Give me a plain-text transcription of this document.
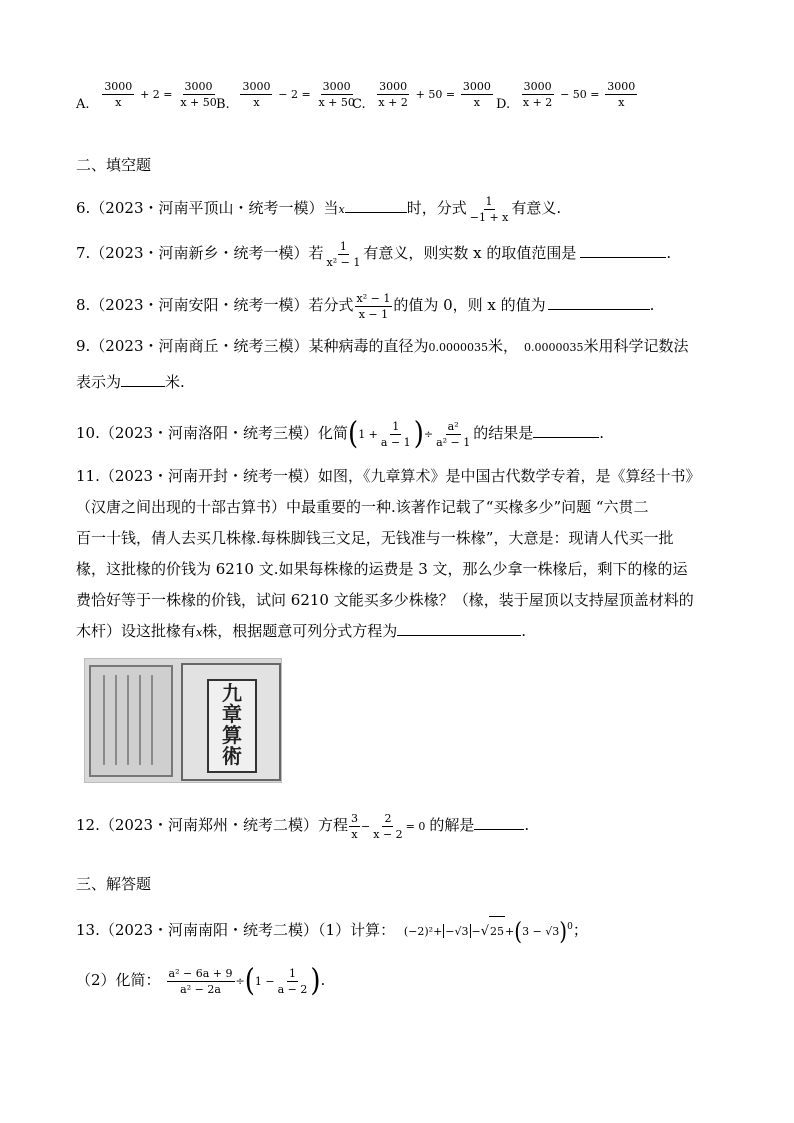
A. $\frac{3000}{x} + 2 = \frac{3000}{x + 50}$
B. $\frac{3000}{x} - 2 = \frac{3000}{x + 50}$
C. $\frac{3000}{x + 2} + 50 = \frac{3000}{x} D$. $\frac{3000}{x + 2} - 50 = \frac{3000}{x}$
二、填空题
6.（2023・河南平顶山・统考一模）当x	时，分式 $\frac{1}{-1 + x}$ 有意义.
7.（2023・河南新乡・统考一模）若 $\frac{1}{\text{x² − 1}}$ 有意义，则实数 x 的取值范围是	.
8.（2023・河南安阳・统考一模）若分式 $\frac{\text{x² − 1}}{x - 1}$ 的值为 0，则 x 的值为	.
9.（2023・河南商丘・统考三模）某种病毒的直径为0.0000035米， 0.0000035米用科学记数法
表示为	米.
10.（2023・河南洛阳・统考三模）化简($1 + \frac{1}{a - 1}$ )÷ $\frac{\text{a²}}{\text{a² − 1}}$ 的结果是	.
11.（2023・河南开封・统考一模）如图，《九章算术》是中国古代数学专着，是《算经十书》
（汉唐之间出现的十部古算书）中最重要的一种.该著作记载了“买椽多少”问题 “六贯二
百一十钱，倩人去买几株椽.每株脚钱三文足，无钱准与一株椽”，大意是：现请人代买一批
椽，这批椽的价钱为 6210 文.如果每株椽的运费是 3 文，那么少拿一株椽后，剩下的椽的运
费恰好等于一株椽的价钱，试问 6210 文能买多少株椽？（椽，装于屋顶以支持屋顶盖材料的
木杆）设这批椽有x株，根据题意可列分式方程为	.
九
章
算
術
12.（2023・河南郑州・统考二模）方程 $\frac{3}{x} - \frac{2}{x - 2} = 0$ 的解是	.
三、解答题
13.（2023・河南南阳・统考二模）（1）计算： $(-2)^2+ -√3 -√25+(3 - √3)^0$；
（2）化简： $\frac{\text{a² − 6a + 9}}{\text{a² − 2a}} \div(1 - \frac{1}{a - 2}$ ).
